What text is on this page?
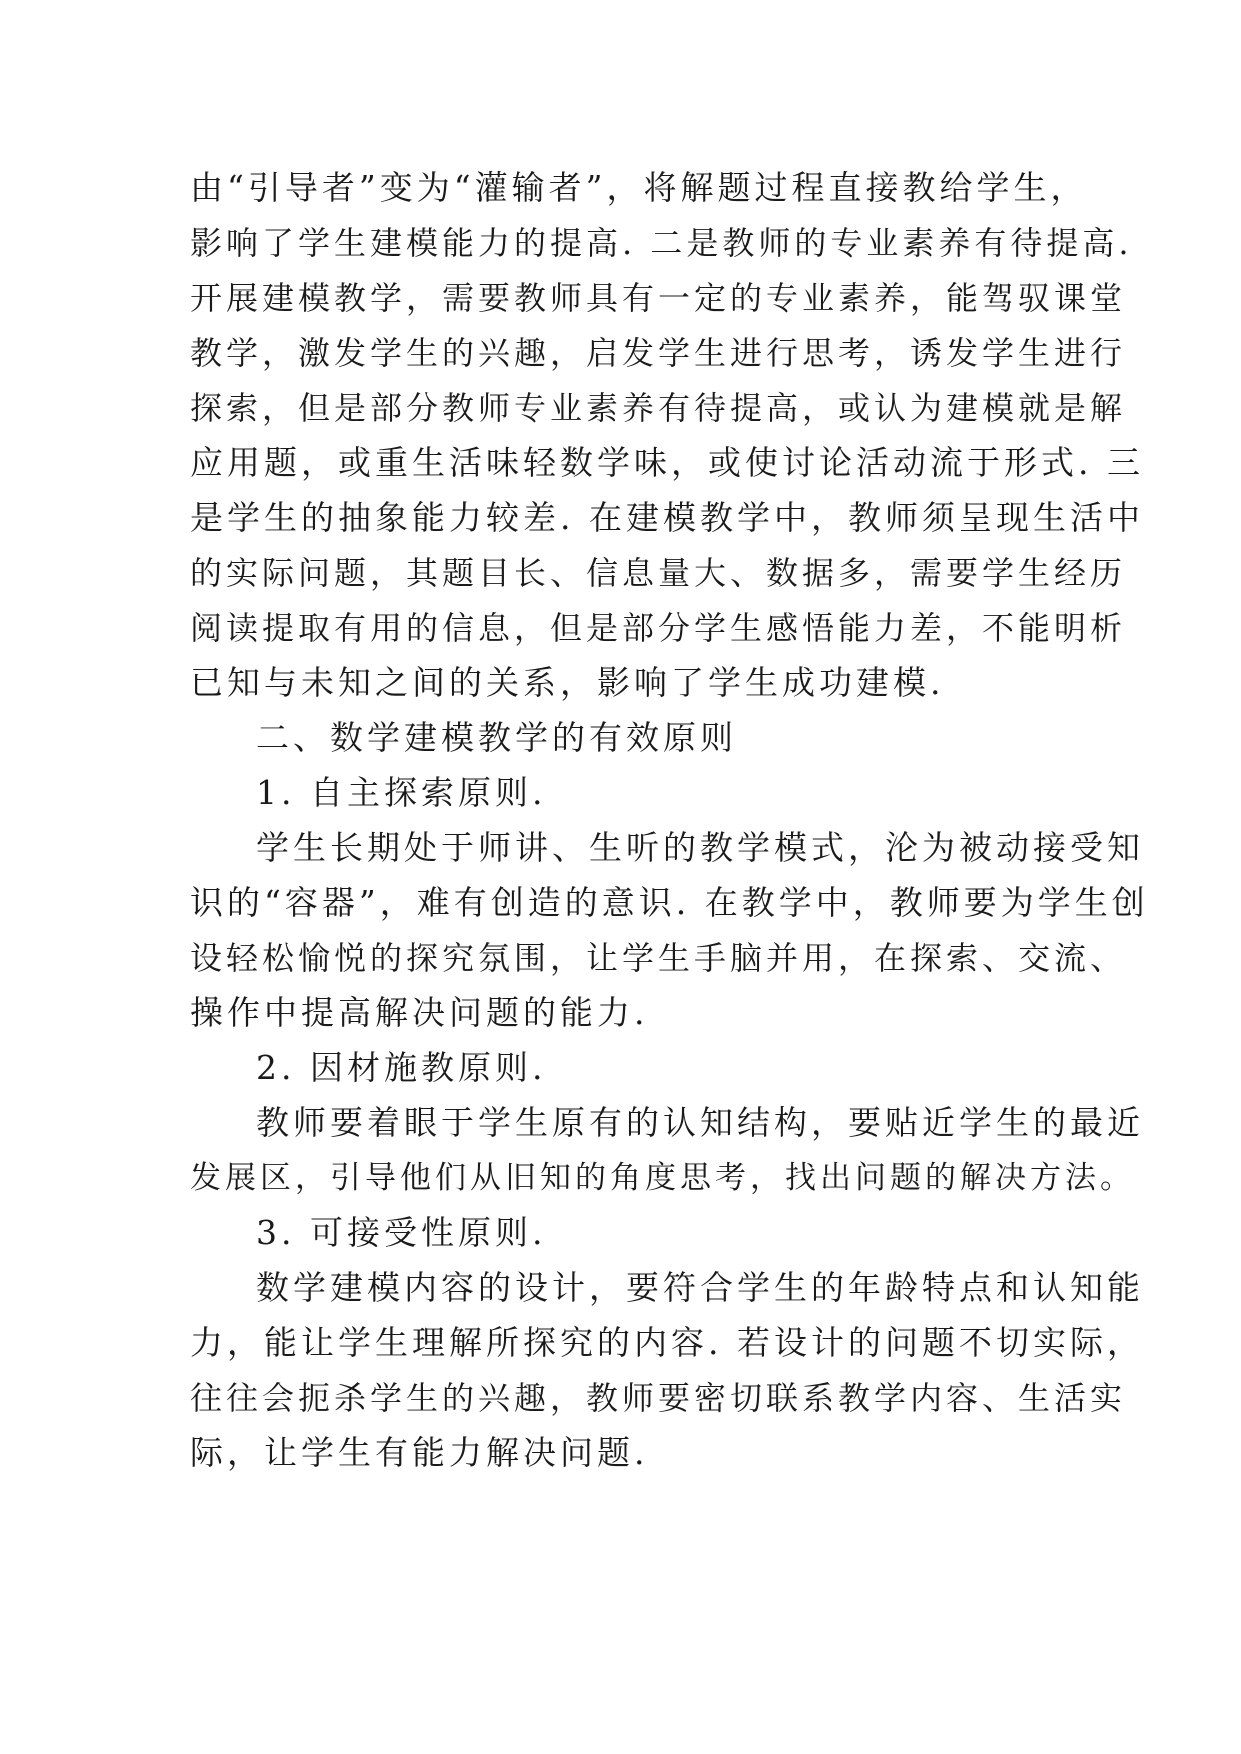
由“引导者”变为“灌输者”，将解题过程直接教给学生，
影响了学生建模能力的提高. 二是教师的专业素养有待提高.
开展建模教学，需要教师具有一定的专业素养，能驾驭课堂
教学，激发学生的兴趣，启发学生进行思考，诱发学生进行
探索，但是部分教师专业素养有待提高，或认为建模就是解
应用题，或重生活味轻数学味，或使讨论活动流于形式. 三
是学生的抽象能力较差. 在建模教学中，教师须呈现生活中
的实际问题，其题目长、信息量大、数据多，需要学生经历
阅读提取有用的信息，但是部分学生感悟能力差，不能明析
已知与未知之间的关系，影响了学生成功建模.
二、数学建模教学的有效原则
1. 自主探索原则.
学生长期处于师讲、生听的教学模式，沦为被动接受知
识的“容器”，难有创造的意识. 在教学中，教师要为学生创
设轻松愉悦的探究氛围，让学生手脑并用，在探索、交流、
操作中提高解决问题的能力.
2. 因材施教原则.
教师要着眼于学生原有的认知结构，要贴近学生的最近
发展区，引导他们从旧知的角度思考，找出问题的解决方法。
3. 可接受性原则.
数学建模内容的设计，要符合学生的年龄特点和认知能
力，能让学生理解所探究的内容. 若设计的问题不切实际，
往往会扼杀学生的兴趣，教师要密切联系教学内容、生活实
际，让学生有能力解决问题.
